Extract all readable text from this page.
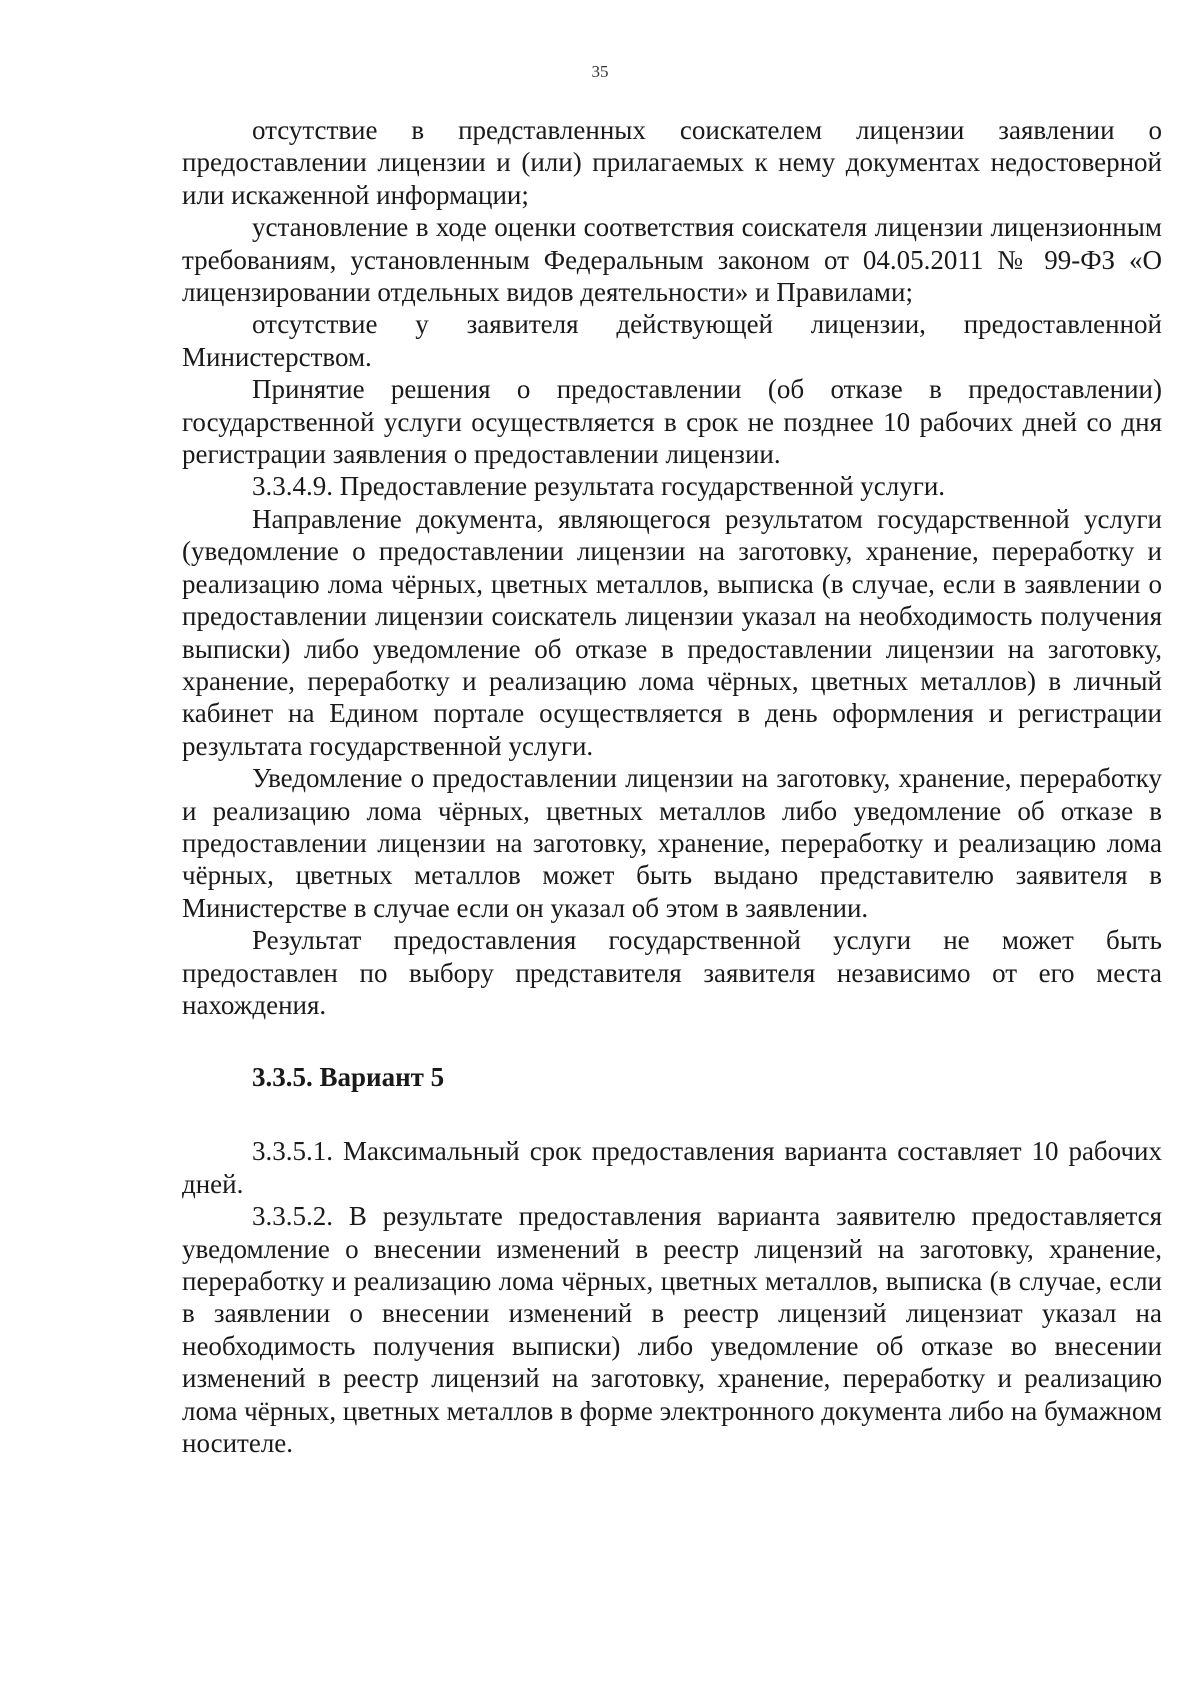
35

отсутствие в представленных соискателем лицензии заявлении о предоставлении лицензии и (или) прилагаемых к нему документах недостоверной или искаженной информации;

установление в ходе оценки соответствия соискателя лицензии лицензионным требованиям, установленным Федеральным законом от 04.05.2011 № 99-ФЗ «О лицензировании отдельных видов деятельности» и Правилами;

отсутствие у заявителя действующей лицензии, предоставленной Министерством.

Принятие решения о предоставлении (об отказе в предоставлении) государственной услуги осуществляется в срок не позднее 10 рабочих дней со дня регистрации заявления о предоставлении лицензии.

3.3.4.9. Предоставление результата государственной услуги.

Направление документа, являющегося результатом государственной услуги (уведомление о предоставлении лицензии на заготовку, хранение, переработку и реализацию лома чёрных, цветных металлов, выписка (в случае, если в заявлении о предоставлении лицензии соискатель лицензии указал на необходимость получения выписки) либо уведомление об отказе в предоставлении лицензии на заготовку, хранение, переработку и реализацию лома чёрных, цветных металлов) в личный кабинет на Едином портале осуществляется в день оформления и регистрации результата государственной услуги.

Уведомление о предоставлении лицензии на заготовку, хранение, переработку и реализацию лома чёрных, цветных металлов либо уведомление об отказе в предоставлении лицензии на заготовку, хранение, переработку и реализацию лома чёрных, цветных металлов может быть выдано представителю заявителя в Министерстве в случае если он указал об этом в заявлении.

Результат предоставления государственной услуги не может быть предоставлен по выбору представителя заявителя независимо от его места нахождения.

3.3.5. Вариант 5

3.3.5.1. Максимальный срок предоставления варианта составляет 10 рабочих дней.

3.3.5.2. В результате предоставления варианта заявителю предоставляется уведомление о внесении изменений в реестр лицензий на заготовку, хранение, переработку и реализацию лома чёрных, цветных металлов, выписка (в случае, если в заявлении о внесении изменений в реестр лицензий лицензиат указал на необходимость получения выписки) либо уведомление об отказе во внесении изменений в реестр лицензий на заготовку, хранение, переработку и реализацию лома чёрных, цветных металлов в форме электронного документа либо на бумажном носителе.
